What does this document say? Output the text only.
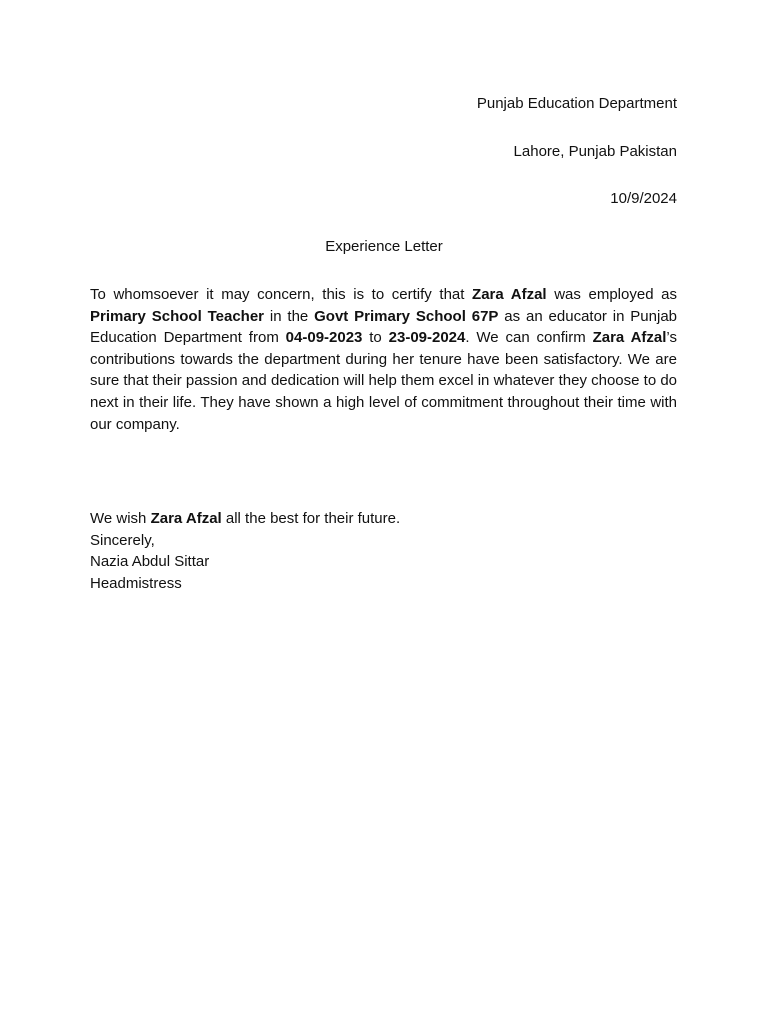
Punjab Education Department
Lahore, Punjab Pakistan
10/9/2024
Experience Letter

To whomsoever it may concern, this is to certify that Zara Afzal was employed as Primary School Teacher in the Govt Primary School 67P as an educator in Punjab Education Department from 04-09-2023 to 23-09-2024. We can confirm Zara Afzal’s contributions towards the department during her tenure have been satisfactory. We are sure that their passion and dedication will help them excel in whatever they choose to do next in their life. They have shown a high level of commitment throughout their time with our company.

We wish Zara Afzal all the best for their future.
Sincerely,
Nazia Abdul Sittar
Headmistress
